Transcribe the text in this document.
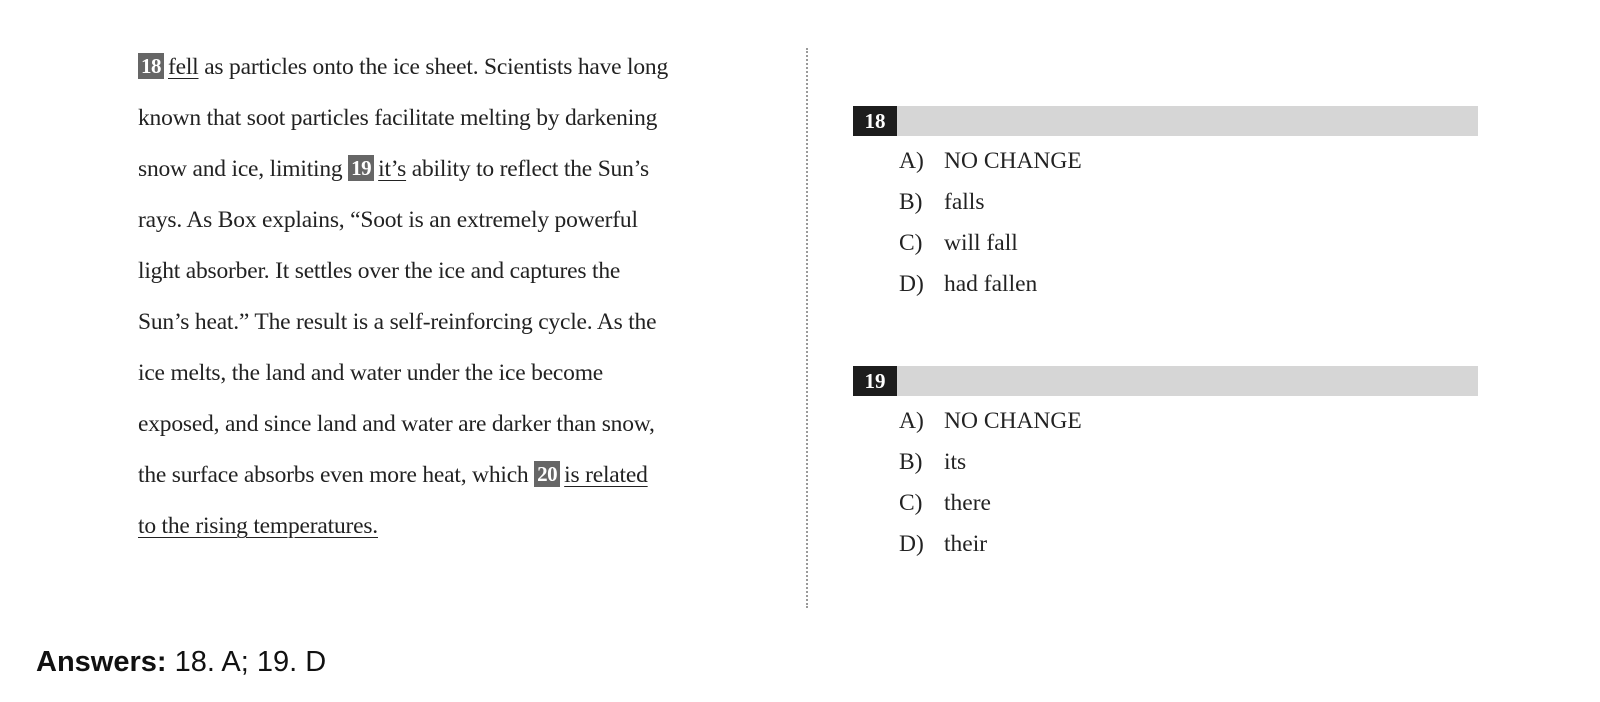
18 fell as particles onto the ice sheet. Scientists have long
known that soot particles facilitate melting by darkening
snow and ice, limiting 19 it’s ability to reflect the Sun’s
rays. As Box explains, “Soot is an extremely powerful
light absorber. It settles over the ice and captures the
Sun’s heat.” The result is a self-reinforcing cycle. As the
ice melts, the land and water under the ice become
exposed, and since land and water are darker than snow,
the surface absorbs even more heat, which 20 is related
to the rising temperatures.
18
A) NO CHANGE
B) falls
C) will fall
D) had fallen
19
A) NO CHANGE
B) its
C) there
D) their
Answers: 18. A; 19. D
